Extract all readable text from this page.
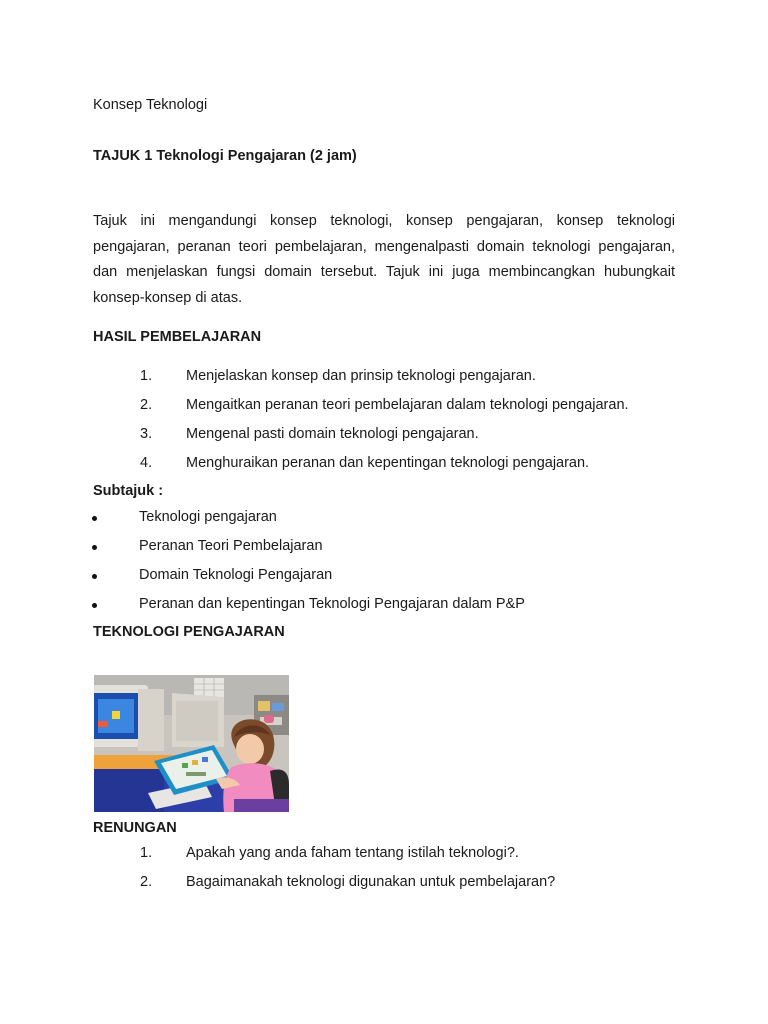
Konsep Teknologi
TAJUK 1 Teknologi Pengajaran (2 jam)
Tajuk ini mengandungi konsep teknologi, konsep pengajaran, konsep teknologi pengajaran, peranan teori pembelajaran, mengenalpasti domain teknologi pengajaran, dan menjelaskan fungsi domain tersebut. Tajuk ini juga membincangkan hubungkait konsep-konsep di atas.
HASIL PEMBELAJARAN
1. Menjelaskan konsep dan prinsip teknologi pengajaran.
2. Mengaitkan peranan teori pembelajaran dalam teknologi pengajaran.
3. Mengenal pasti domain teknologi pengajaran.
4. Menghuraikan peranan dan kepentingan teknologi pengajaran.
Subtajuk :
Teknologi pengajaran
Peranan Teori Pembelajaran
Domain Teknologi Pengajaran
Peranan dan kepentingan Teknologi Pengajaran dalam P&P
TEKNOLOGI PENGAJARAN
RENUNGAN
1. Apakah yang anda faham tentang istilah teknologi?.
2. Bagaimanakah teknologi digunakan untuk pembelajaran?
